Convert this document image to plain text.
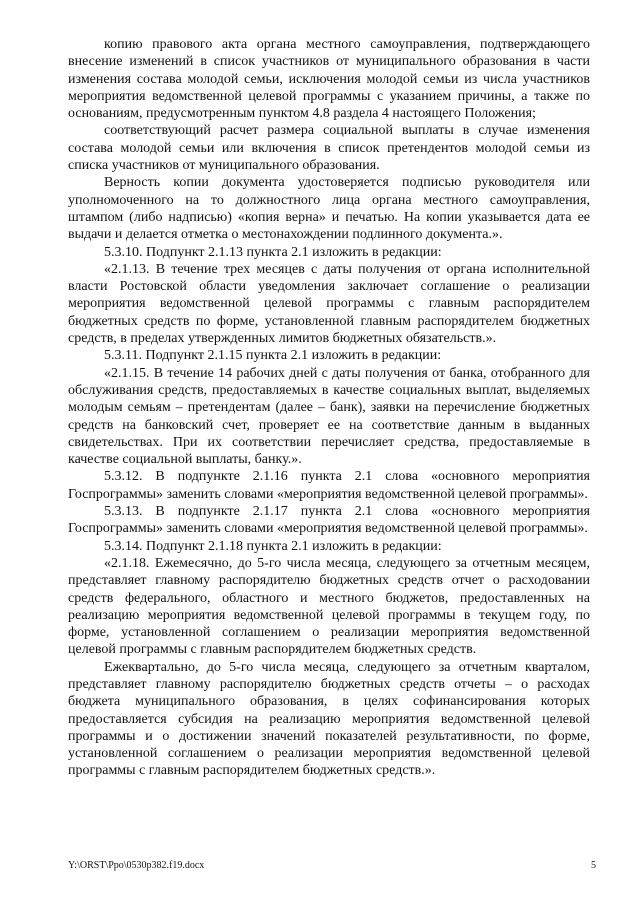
копию правового акта органа местного самоуправления, подтверждающего внесение изменений в список участников от муниципального образования в части изменения состава молодой семьи, исключения молодой семьи из числа участников мероприятия ведомственной целевой программы с указанием причины, а также по основаниям, предусмотренным пунктом 4.8 раздела 4 настоящего Положения;

соответствующий расчет размера социальной выплаты в случае изменения состава молодой семьи или включения в список претендентов молодой семьи из списка участников от муниципального образования.

Верность копии документа удостоверяется подписью руководителя или уполномоченного на то должностного лица органа местного самоуправления, штампом (либо надписью) «копия верна» и печатью. На копии указывается дата ее выдачи и делается отметка о местонахождении подлинного документа.».

5.3.10. Подпункт 2.1.13 пункта 2.1 изложить в редакции:

«2.1.13. В течение трех месяцев с даты получения от органа исполнительной власти Ростовской области уведомления заключает соглашение о реализации мероприятия ведомственной целевой программы с главным распорядителем бюджетных средств по форме, установленной главным распорядителем бюджетных средств, в пределах утвержденных лимитов бюджетных обязательств.».

5.3.11. Подпункт 2.1.15 пункта 2.1 изложить в редакции:

«2.1.15. В течение 14 рабочих дней с даты получения от банка, отобранного для обслуживания средств, предоставляемых в качестве социальных выплат, выделяемых молодым семьям – претендентам (далее – банк), заявки на перечисление бюджетных средств на банковский счет, проверяет ее на соответствие данным в выданных свидетельствах. При их соответствии перечисляет средства, предоставляемые в качестве социальной выплаты, банку.».

5.3.12. В подпункте 2.1.16 пункта 2.1 слова «основного мероприятия Госпрограммы» заменить словами «мероприятия ведомственной целевой программы».

5.3.13. В подпункте 2.1.17 пункта 2.1 слова «основного мероприятия Госпрограммы» заменить словами «мероприятия ведомственной целевой программы».

5.3.14. Подпункт 2.1.18 пункта 2.1 изложить в редакции:

«2.1.18. Ежемесячно, до 5-го числа месяца, следующего за отчетным месяцем, представляет главному распорядителю бюджетных средств отчет о расходовании средств федерального, областного и местного бюджетов, предоставленных на реализацию мероприятия ведомственной целевой программы в текущем году, по форме, установленной соглашением о реализации мероприятия ведомственной целевой программы с главным распорядителем бюджетных средств.

Ежеквартально, до 5-го числа месяца, следующего за отчетным кварталом, представляет главному распорядителю бюджетных средств отчеты – о расходах бюджета муниципального образования, в целях софинансирования которых предоставляется субсидия на реализацию мероприятия ведомственной целевой программы и о достижении значений показателей результативности, по форме, установленной соглашением о реализации мероприятия ведомственной целевой программы с главным распорядителем бюджетных средств.».

Y:\ORST\Ppo\0530p382.f19.docx	5
